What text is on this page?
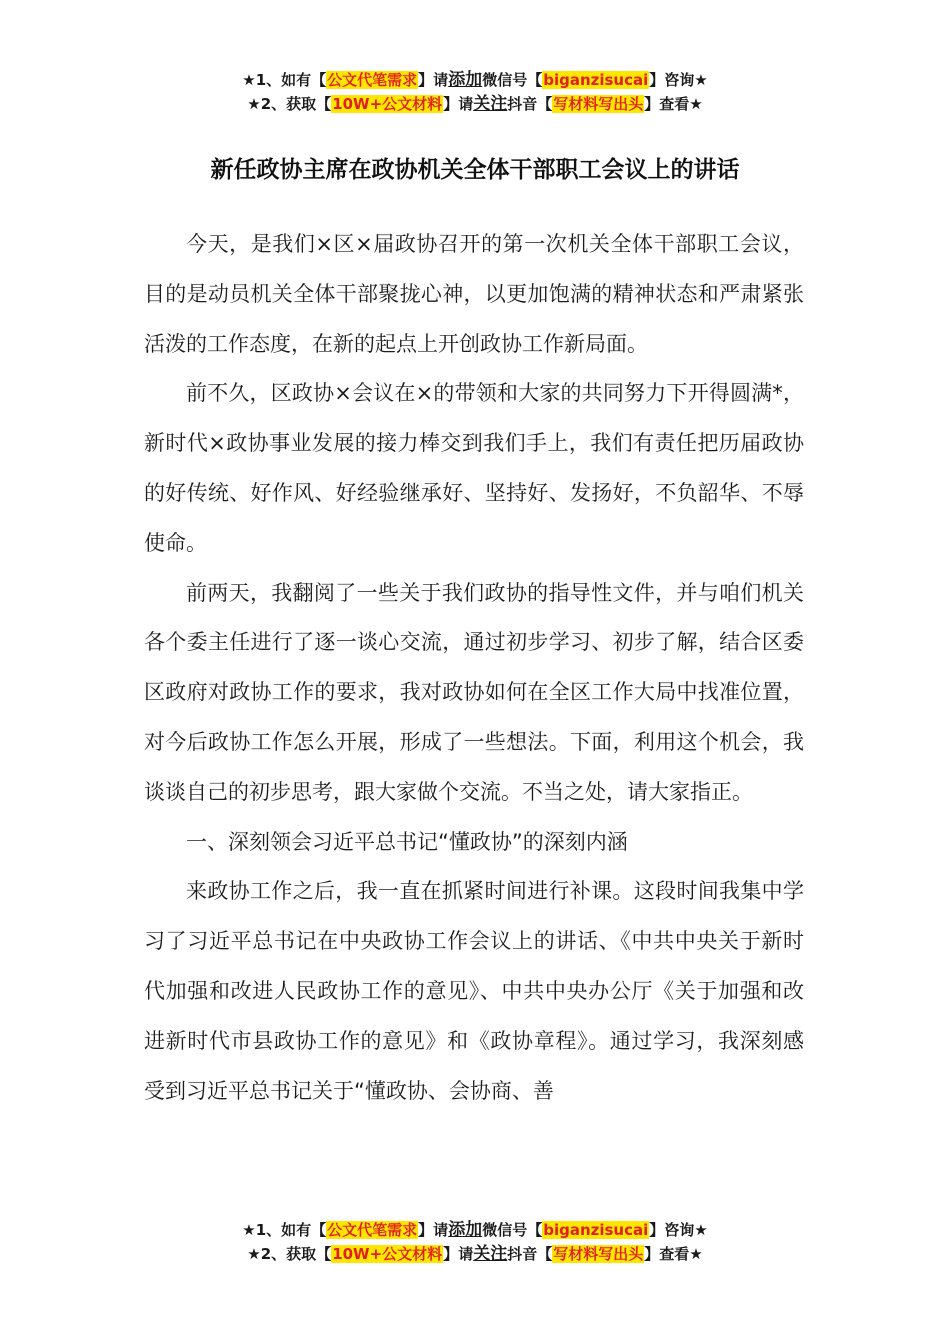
★1、如有【公文代笔需求】请添加微信号【biganzisucai】咨询★
★2、获取【10W+公文材料】请关注抖音【写材料写出头】查看★
新任政协主席在政协机关全体干部职工会议上的讲话

今天，是我们×区×届政协召开的第一次机关全体干部职工会议，目的是动员机关全体干部聚拢心神，以更加饱满的精神状态和严肃紧张活泼的工作态度，在新的起点上开创政协工作新局面。

前不久，区政协×会议在×的带领和大家的共同努力下开得圆满*，新时代×政协事业发展的接力棒交到我们手上，我们有责任把历届政协的好传统、好作风、好经验继承好、坚持好、发扬好，不负韶华、不辱使命。

前两天，我翻阅了一些关于我们政协的指导性文件，并与咱们机关各个委主任进行了逐一谈心交流，通过初步学习、初步了解，结合区委区政府对政协工作的要求，我对政协如何在全区工作大局中找准位置，对今后政协工作怎么开展，形成了一些想法。下面，利用这个机会，我谈谈自己的初步思考，跟大家做个交流。不当之处，请大家指正。

一、深刻领会习近平总书记“懂政协”的深刻内涵

来政协工作之后，我一直在抓紧时间进行补课。这段时间我集中学习了习近平总书记在中央政协工作会议上的讲话、《中共中央关于新时代加强和改进人民政协工作的意见》、中共中央办公厅《关于加强和改进新时代市县政协工作的意见》和《政协章程》。通过学习，我深刻感受到习近平总书记关于“懂政协、会协商、善

★1、如有【公文代笔需求】请添加微信号【biganzisucai】咨询★
★2、获取【10W+公文材料】请关注抖音【写材料写出头】查看★
